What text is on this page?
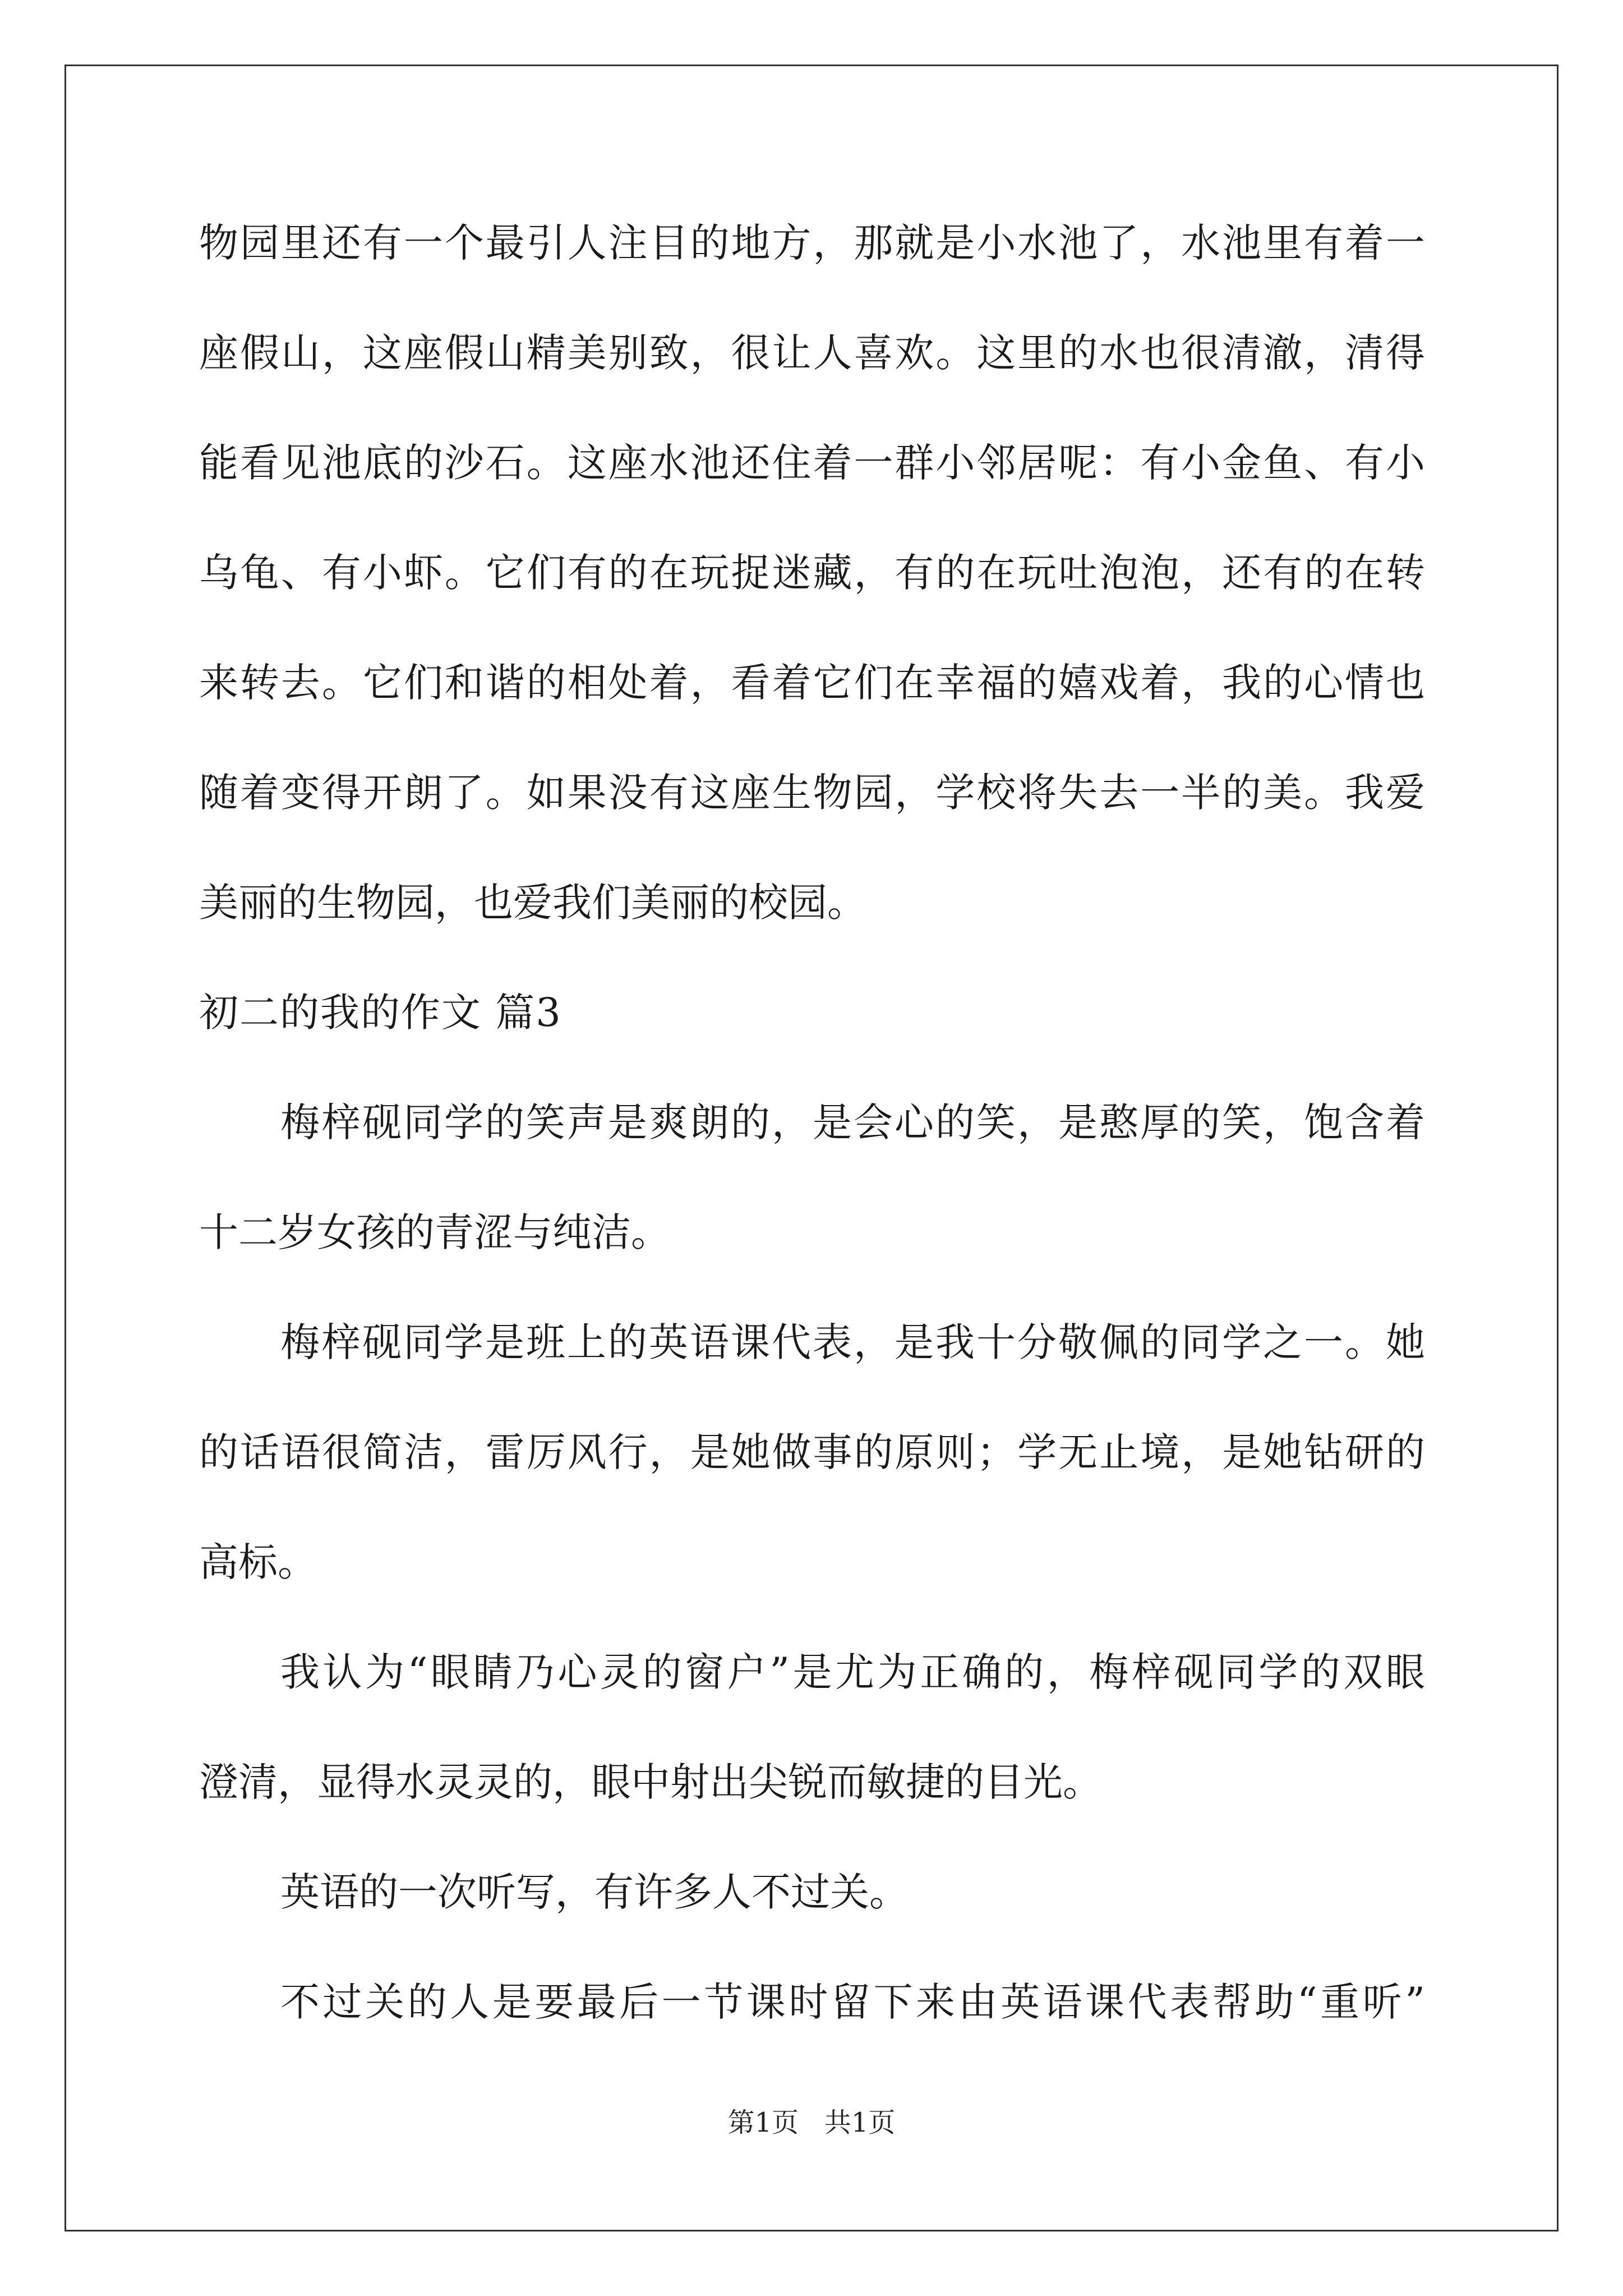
物园里还有一个最引人注目的地方，那就是小水池了，水池里有着一
座假山，这座假山精美别致，很让人喜欢。这里的水也很清澈，清得
能看见池底的沙石。这座水池还住着一群小邻居呢：有小金鱼、有小
乌龟、有小虾。它们有的在玩捉迷藏，有的在玩吐泡泡，还有的在转
来转去。它们和谐的相处着，看着它们在幸福的嬉戏着，我的心情也
随着变得开朗了。如果没有这座生物园，学校将失去一半的美。我爱
美丽的生物园，也爱我们美丽的校园。
初二的我的作文 篇3
梅梓砚同学的笑声是爽朗的，是会心的笑，是憨厚的笑，饱含着
十二岁女孩的青涩与纯洁。
梅梓砚同学是班上的英语课代表，是我十分敬佩的同学之一。她
的话语很简洁，雷厉风行，是她做事的原则；学无止境，是她钻研的
高标。
我认为“眼睛乃心灵的窗户”是尤为正确的，梅梓砚同学的双眼
澄清，显得水灵灵的，眼中射出尖锐而敏捷的目光。
英语的一次听写，有许多人不过关。
不过关的人是要最后一节课时留下来由英语课代表帮助“重听”
第1页   共1页
